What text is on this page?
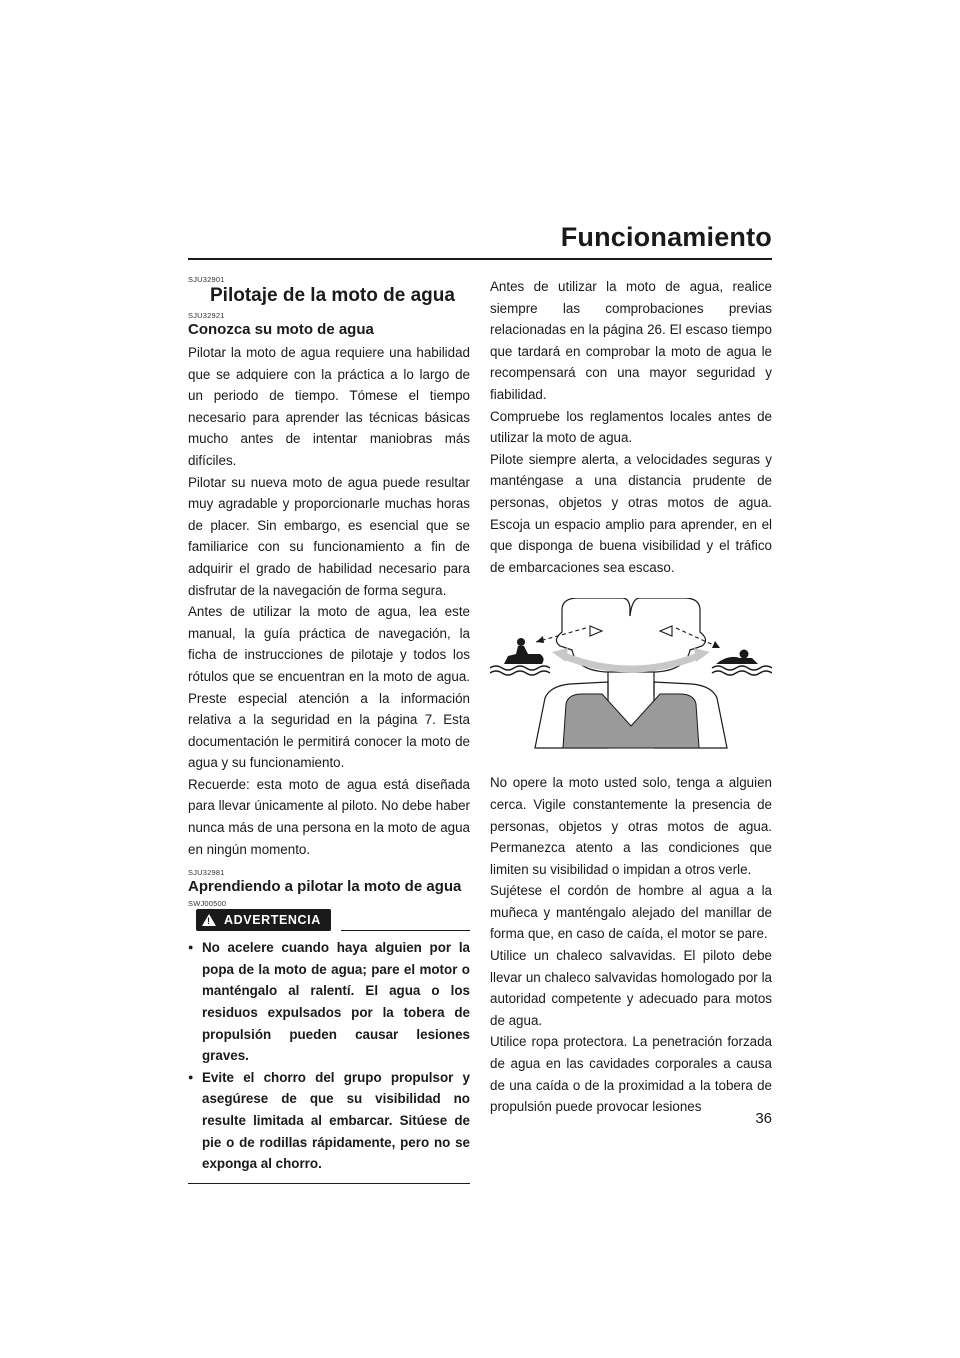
Funcionamiento
SJU32901
Pilotaje de la moto de agua
SJU32921
Conozca su moto de agua

Pilotar la moto de agua requiere una habilidad que se adquiere con la práctica a lo largo de un periodo de tiempo. Tómese el tiempo necesario para aprender las técnicas básicas mucho antes de intentar maniobras más difíciles.

Pilotar su nueva moto de agua puede resultar muy agradable y proporcionarle muchas horas de placer. Sin embargo, es esencial que se familiarice con su funcionamiento a fin de adquirir el grado de habilidad necesario para disfrutar de la navegación de forma segura.

Antes de utilizar la moto de agua, lea este manual, la guía práctica de navegación, la ficha de instrucciones de pilotaje y todos los rótulos que se encuentran en la moto de agua. Preste especial atención a la información relativa a la seguridad en la página 7. Esta documentación le permitirá conocer la moto de agua y su funcionamiento.

Recuerde: esta moto de agua está diseñada para llevar únicamente al piloto. No debe haber nunca más de una persona en la moto de agua en ningún momento.

SJU32981
Aprendiendo a pilotar la moto de agua
SWJ00500
! ADVERTENCIA
● No acelere cuando haya alguien por la popa de la moto de agua; pare el motor o manténgalo al ralentí. El agua o los residuos expulsados por la tobera de propulsión pueden causar lesiones graves.
● Evite el chorro del grupo propulsor y asegúrese de que su visibilidad no resulte limitada al embarcar. Sitúese de pie o de rodillas rápidamente, pero no se exponga al chorro.

Antes de utilizar la moto de agua, realice siempre las comprobaciones previas relacionadas en la página 26. El escaso tiempo que tardará en comprobar la moto de agua le recompensará con una mayor seguridad y fiabilidad.

Compruebe los reglamentos locales antes de utilizar la moto de agua.

Pilote siempre alerta, a velocidades seguras y manténgase a una distancia prudente de personas, objetos y otras motos de agua. Escoja un espacio amplio para aprender, en el que disponga de buena visibilidad y el tráfico de embarcaciones sea escaso.

No opere la moto usted solo, tenga a alguien cerca. Vigile constantemente la presencia de personas, objetos y otras motos de agua. Permanezca atento a las condiciones que limiten su visibilidad o impidan a otros verle.

Sujétese el cordón de hombre al agua a la muñeca y manténgalo alejado del manillar de forma que, en caso de caída, el motor se pare.

Utilice un chaleco salvavidas. El piloto debe llevar un chaleco salvavidas homologado por la autoridad competente y adecuado para motos de agua.

Utilice ropa protectora. La penetración forzada de agua en las cavidades corporales a causa de una caída o de la proximidad a la tobera de propulsión puede provocar lesiones

36
